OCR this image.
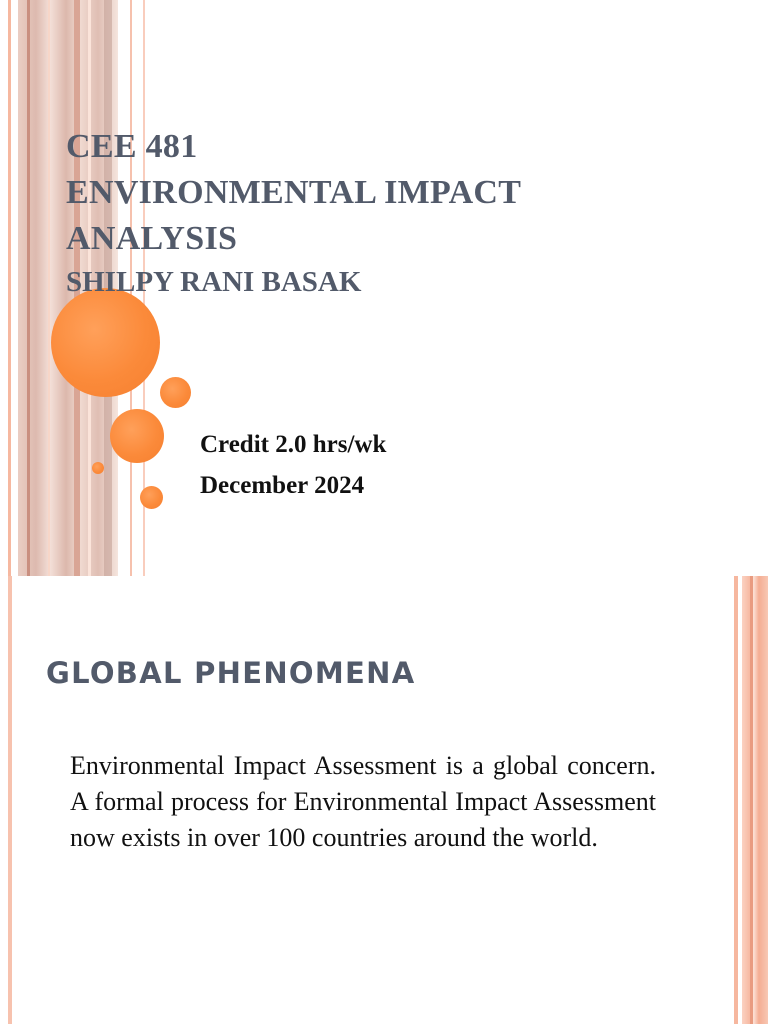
CEE 481
ENVIRONMENTAL IMPACT
ANALYSIS
SHILPY RANI BASAK
Credit 2.0 hrs/wk
December 2024
GLOBAL PHENOMENA
Environmental Impact Assessment is a global concern. A formal process for Environmental Impact Assessment now exists in over 100 countries around the world.
